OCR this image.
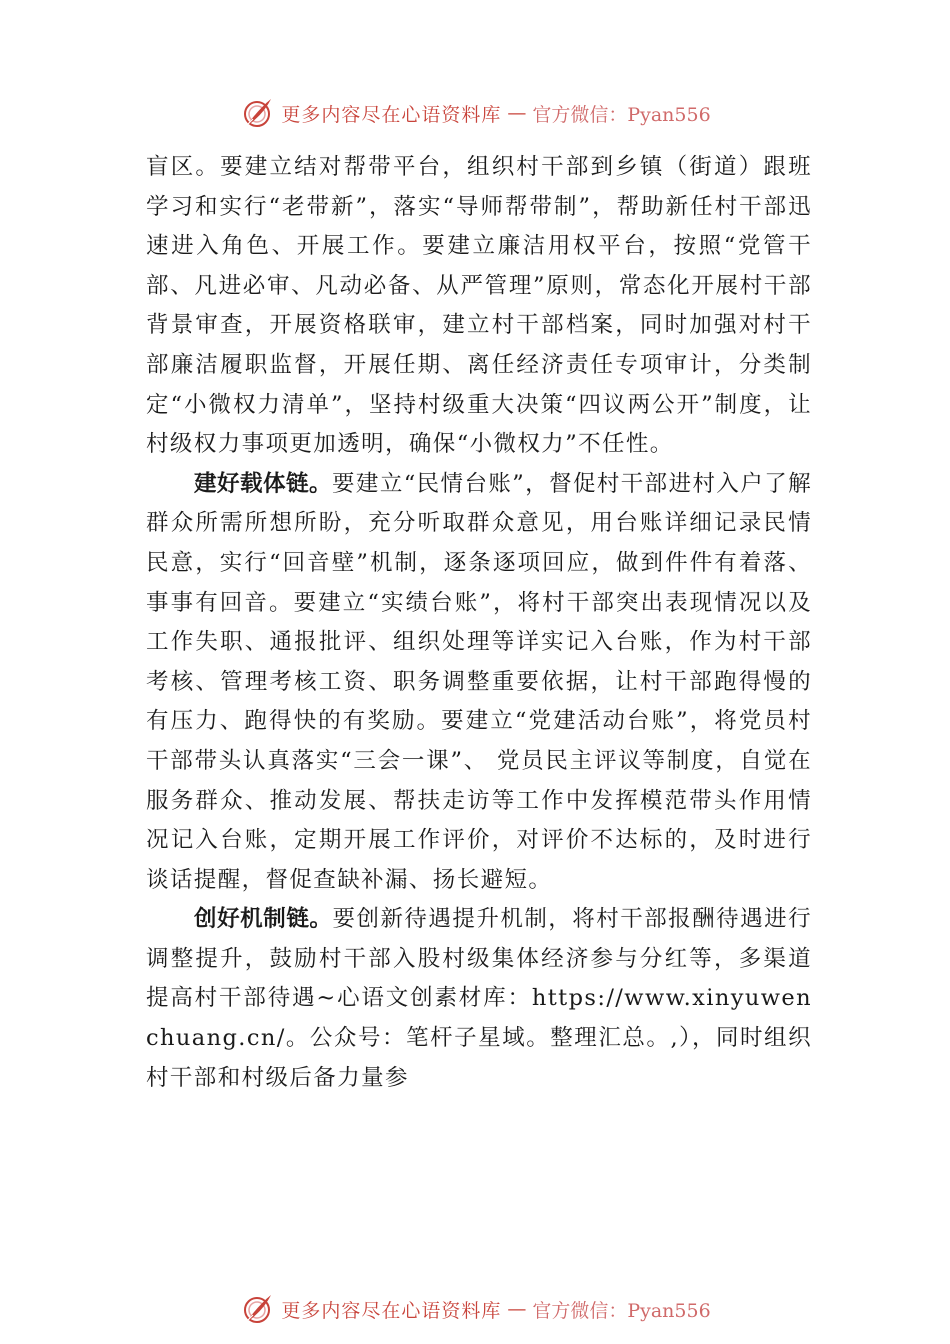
更多内容尽在心语资料库 — 官方微信：Pyan556

盲区。要建立结对帮带平台，组织村干部到乡镇（街道）跟班学习和实行“老带新”，落实“导师帮带制”，帮助新任村干部迅速进入角色、开展工作。要建立廉洁用权平台，按照“党管干部、凡进必审、凡动必备、从严管理”原则，常态化开展村干部背景审查，开展资格联审，建立村干部档案，同时加强对村干部廉洁履职监督，开展任期、离任经济责任专项审计，分类制定“小微权力清单”，坚持村级重大决策“四议两公开”制度，让村级权力事项更加透明，确保“小微权力”不任性。

建好载体链。要建立“民情台账”，督促村干部进村入户了解群众所需所想所盼，充分听取群众意见，用台账详细记录民情民意，实行“回音壁”机制，逐条逐项回应，做到件件有着落、事事有回音。要建立“实绩台账”，将村干部突出表现情况以及工作失职、通报批评、组织处理等详实记入台账，作为村干部考核、管理考核工资、职务调整重要依据，让村干部跑得慢的有压力、跑得快的有奖励。要建立“党建活动台账”，将党员村干部带头认真落实“三会一课”、 党员民主评议等制度，自觉在服务群众、推动发展、帮扶走访等工作中发挥模范带头作用情况记入台账，定期开展工作评价，对评价不达标的，及时进行谈话提醒，督促查缺补漏、扬长避短。

创好机制链。要创新待遇提升机制，将村干部报酬待遇进行调整提升，鼓励村干部入股村级集体经济参与分红等，多渠道提高村干部待遇~心语文创素材库：https://www.xinyuwenchuang.cn/。公众号：笔杆子星域。整理汇总。,），同时组织村干部和村级后备力量参

更多内容尽在心语资料库 — 官方微信：Pyan556
